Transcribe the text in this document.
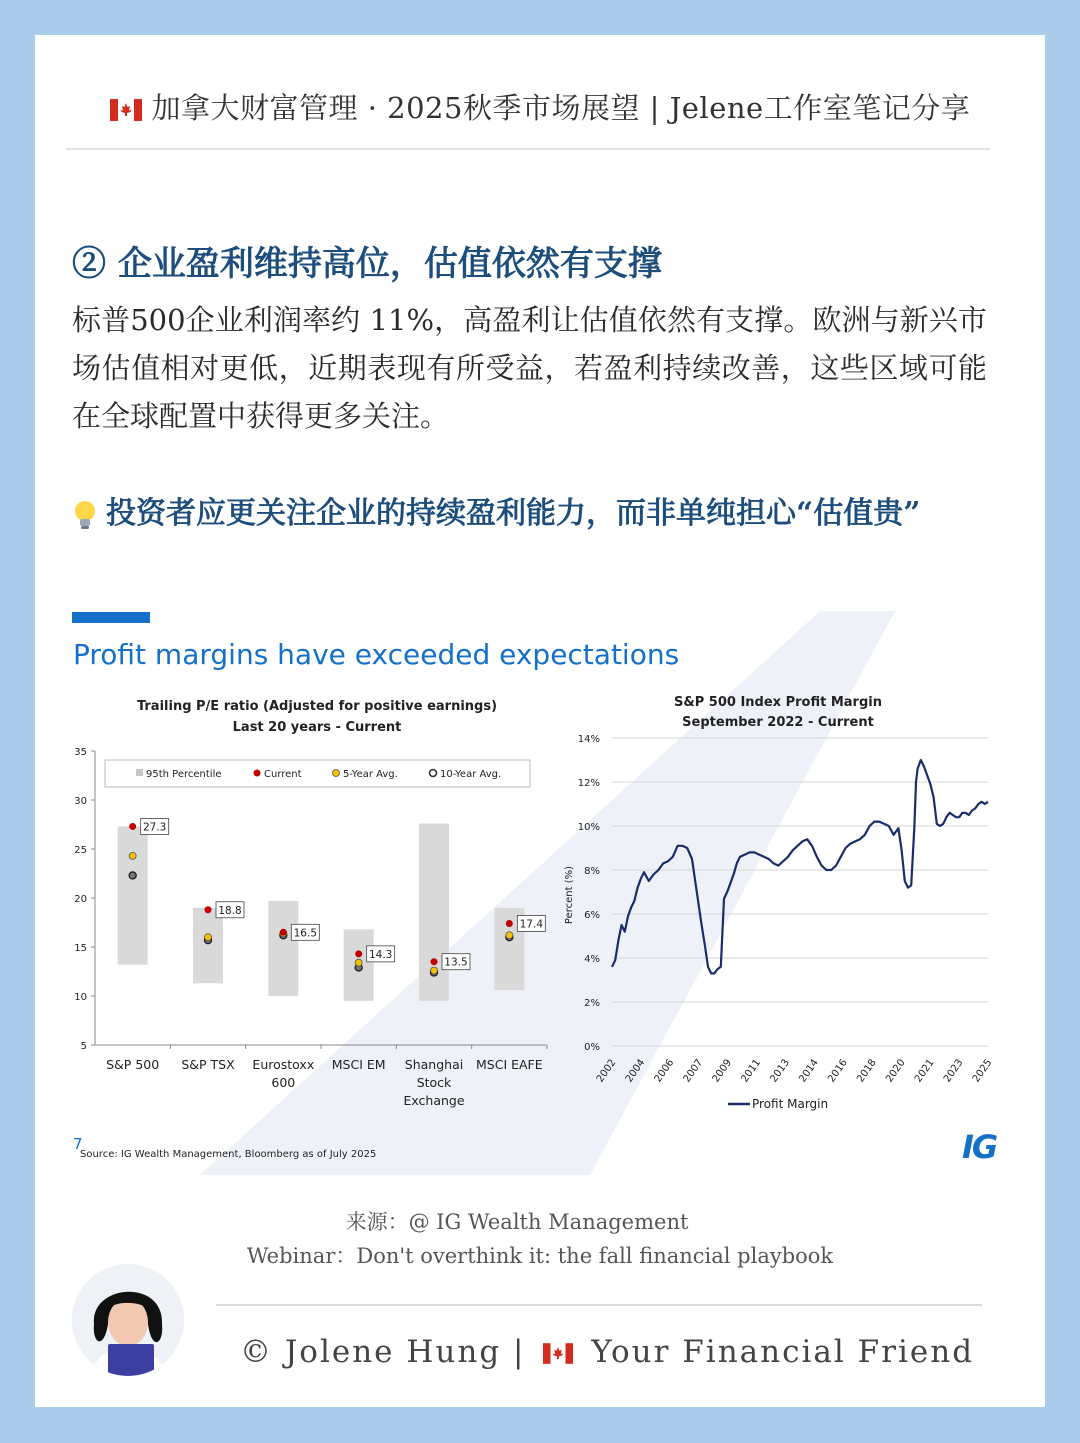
加拿大财富管理 · 2025秋季市场展望 | Jelene工作室笔记分享
② 企业盈利维持高位，估值依然有支撑
标普500企业利润率约 11%，高盈利让估值依然有支撑。欧洲与新兴市场估值相对更低，近期表现有所受益，若盈利持续改善，这些区域可能在全球配置中获得更多关注。
投资者应更关注企业的持续盈利能力，而非单纯担心“估值贵”
Profit margins have exceeded expectations
Trailing P/E ratio (Adjusted for positive earnings)
Last 20 years - Current
5
10
15
20
25
30
35
S&P 500 S&P TSX Eurostoxx
600
MSCI EM Shanghai
Stock
Exchange
MSCI EAFE
95th Percentile	Current	5-Year Avg.	10-Year Avg.
27.3
18.8
16.5
14.3
13.5
17.4
S&P 500 Index Profit Margin
September 2022 - Current
Percent (%)
0%
2%
4%
6%
8%
10%
12%
14%
2002 2004 2006 2007 2009 2011 2013 2014 2016 2018 2020 2021 2023 2025
Profit Margin
7
Source: IG Wealth Management, Bloomberg as of July 2025	IG
来源：@ IG Wealth Management
Webinar：Don't overthink it: the fall financial playbook
© Jolene Hung | Your Financial Friend
